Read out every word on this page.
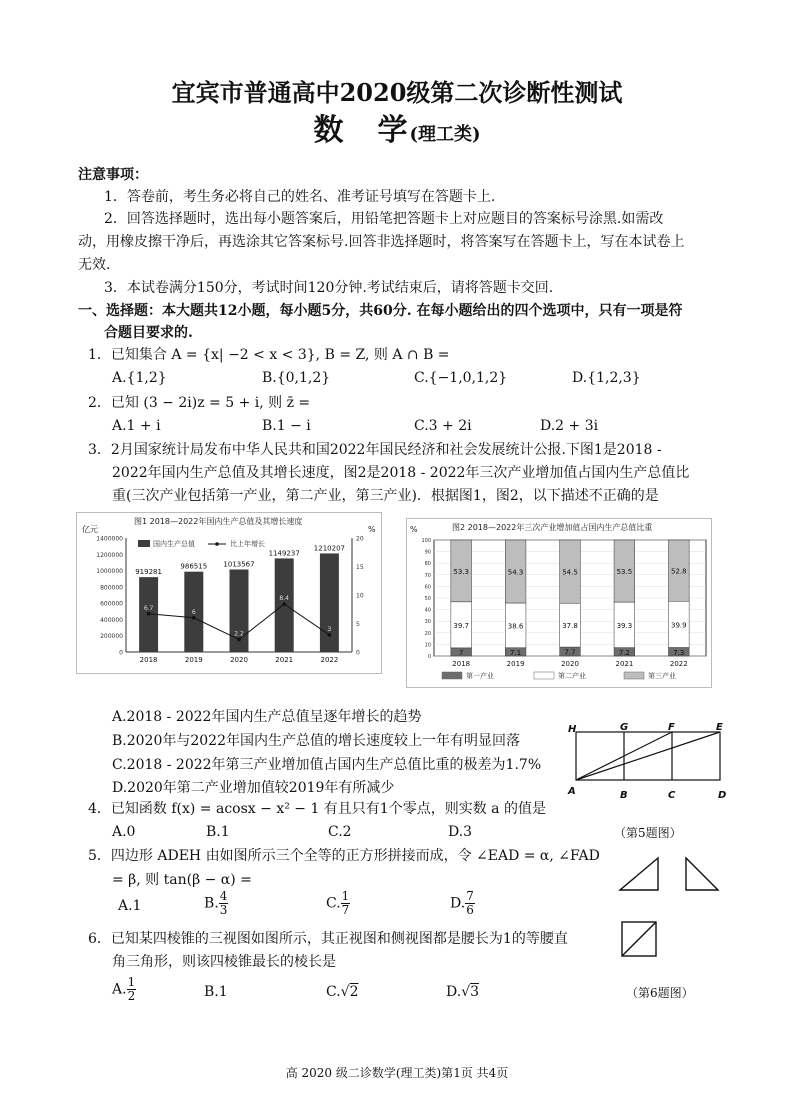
宜宾市普通高中2020级第二次诊断性测试
数　学(理工类)
注意事项：
1．答卷前，考生务必将自己的姓名、准考证号填写在答题卡上.
2．回答选择题时，选出每小题答案后，用铅笔把答题卡上对应题目的答案标号涂黑.如需改
动，用橡皮擦干净后，再选涂其它答案标号.回答非选择题时，将答案写在答题卡上，写在本试卷上
无效.
3．本试卷满分150分，考试时间120分钟.考试结束后，请将答题卡交回.
一、选择题：本大题共12小题，每小题5分，共60分. 在每小题给出的四个选项中，只有一项是符
合题目要求的.
1．已知集合 A = {x| −2 < x < 3}, B = Z, 则 A ∩ B =
A.{1,2}	B.{0,1,2}	C.{−1,0,1,2}	D.{1,2,3}
2．已知 (3 − 2i)z = 5 + i, 则 z̄ =
A.1 + i	B.1 − i	C.3 + 2i	D.2 + 3i
3．2月国家统计局发布中华人民共和国2022年国民经济和社会发展统计公报.下图1是2018 -
2022年国内生产总值及其增长速度，图2是2018 - 2022年三次产业增加值占国内生产总值比
重(三次产业包括第一产业，第二产业，第三产业)．根据图1，图2，以下描述不正确的是
图1 2018—2022年国内生产总值及其增长速度
亿元	%
0
200000
400000
600000
800000
1000000
1200000
1400000
0
5
10
15
20
国内生产总值	比上年增长
919281
2018
986515
2019
1013567
2020
1149237
2021
1210207
2022
6.7
6
2.2
8.4
3
图2 2018—2022年三次产业增加值占国内生产总值比重
%
0
10
20
30
40
50
60
70
80
90
100
7
39.7
53.3
2018
7.1
38.6
54.3
2019
7.7
37.8
54.5
2020
7.2
39.3
53.5
2021
7.3
39.9
52.8
2022
第一产业	第二产业	第三产业
A.2018 - 2022年国内生产总值呈逐年增长的趋势
B.2020年与2022年国内生产总值的增长速度较上一年有明显回落
C.2018 - 2022年第三产业增加值占国内生产总值比重的极差为1.7%
D.2020年第二产业增加值较2019年有所减少
H	G	F	E
A	B	C	D
4．已知函数 f(x) = acosx − x² − 1 有且只有1个零点，则实数 a 的值是
A.0	B.1	C.2	D.3	（第5题图）
5．四边形 ADEH 由如图所示三个全等的正方形拼接而成，令 ∠EAD = α, ∠FAD
= β, 则 tan(β − α) =
A.1	B. $\frac{4}{3}$	C. $\frac{1}{7}$	D. $\frac{7}{6}$
6．已知某四棱锥的三视图如图所示，其正视图和侧视图都是腰长为1的等腰直
角三角形，则该四棱锥最长的棱长是
A. $\frac{1}{2}$	B.1	C.√2	D.√3	（第6题图）
高 2020 级二诊数学(理工类)第1页 共4页
